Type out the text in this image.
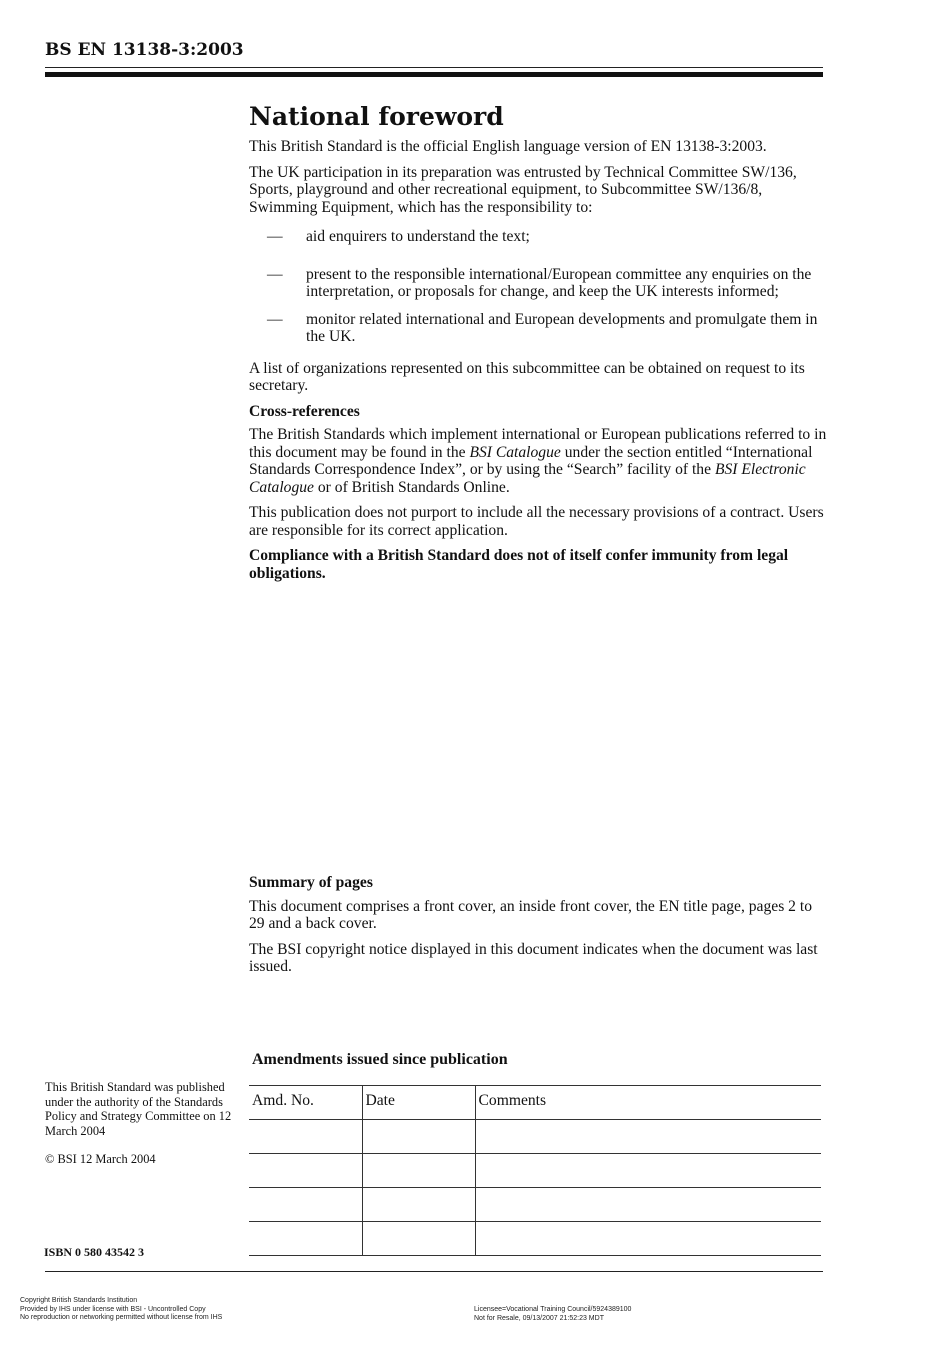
BS EN 13138-3:2003
National foreword

This British Standard is the official English language version of EN 13138-3:2003.

The UK participation in its preparation was entrusted by Technical Committee SW/136, Sports, playground and other recreational equipment, to Subcommittee SW/136/8, Swimming Equipment, which has the responsibility to:

— aid enquirers to understand the text;
— present to the responsible international/European committee any enquiries on the interpretation, or proposals for change, and keep the UK interests informed;
— monitor related international and European developments and promulgate them in the UK.

A list of organizations represented on this subcommittee can be obtained on request to its secretary.

Cross-references

The British Standards which implement international or European publications referred to in this document may be found in the BSI Catalogue under the section entitled “International Standards Correspondence Index”, or by using the “Search” facility of the BSI Electronic Catalogue or of British Standards Online.

This publication does not purport to include all the necessary provisions of a contract. Users are responsible for its correct application.

Compliance with a British Standard does not of itself confer immunity from legal obligations.

Summary of pages

This document comprises a front cover, an inside front cover, the EN title page, pages 2 to 29 and a back cover.

The BSI copyright notice displayed in this document indicates when the document was last issued.

Amendments issued since publication
Amd. No.	Date	Comments

This British Standard was published under the authority of the Standards Policy and Strategy Committee on 12 March 2004
© BSI 12 March 2004
ISBN 0 580 43542 3
Copyright British Standards Institution
Provided by IHS under license with BSI - Uncontrolled Copy
No reproduction or networking permitted without license from IHS
Licensee=Vocational Training Council/5924389100
Not for Resale, 09/13/2007 21:52:23 MDT
